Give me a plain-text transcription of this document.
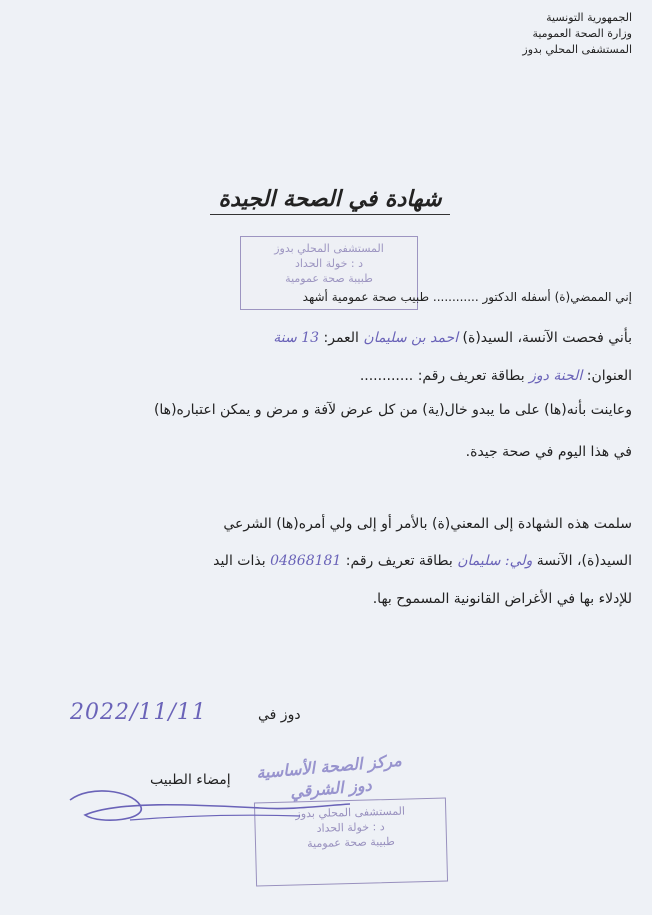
الجمهورية التونسية
وزارة الصحة العمومية
المستشفى المحلي بدوز
شهادة في الصحة الجيدة
المستشفى المحلي بدوز
د : خولة الحداد
طبيبة صحة عمومية
إني الممضي(ة) أسفله الدكتور ............ طبيب صحة عمومية أشهد
بأني فحصت الآنسة، السيد(ة) احمد بن سليمان العمر: 13 سنة
العنوان: الحنة دوز بطاقة تعريف رقم: ............
وعاينت بأنه(ها) على ما يبدو خال(ية) من كل عرض لآفة و مرض و يمكن اعتباره(ها)
في هذا اليوم في صحة جيدة.
سلمت هذه الشهادة إلى المعني(ة) بالأمر أو إلى ولي أمره(ها) الشرعي
السيد(ة)، الآنسة ولي: سليمان بطاقة تعريف رقم: 04868181 بذات اليد
للإدلاء بها في الأغراض القانونية المسموح بها.
2022/11/11	دوز في
إمضاء الطبيب	مركز الصحة الأساسية
دوز الشرقي
المستشفى المحلي بدوز
د : خولة الحداد
طبيبة صحة عمومية
